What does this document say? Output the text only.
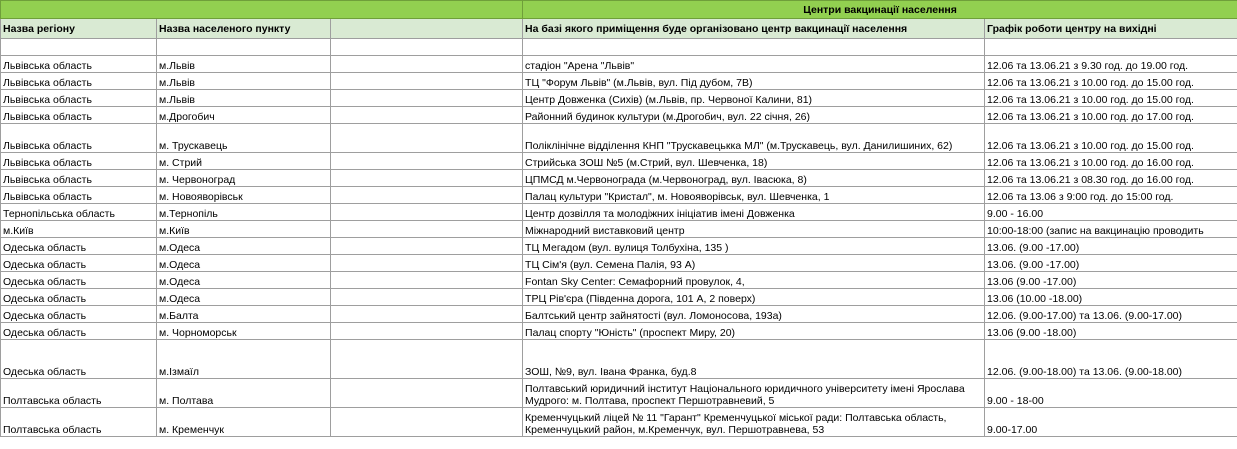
			Центри вакцинації населення	
Назва регіону	Назва населеного пункту		На базі якого приміщення буде організовано центр вакцинації населення	Графік роботи центру на вихідні

Львівська область	м.Львів		стадіон "Арена "Львів"	12.06 та 13.06.21 з 9.30 год. до 19.00 год.
Львівська область	м.Львів		ТЦ "Форум Львів" (м.Львів, вул. Під дубом, 7В)	12.06 та 13.06.21 з 10.00 год. до 15.00 год.
Львівська область	м.Львів		Центр Довженка (Сихів) (м.Львів, пр. Червоної Калини, 81)	12.06 та 13.06.21 з 10.00 год. до 15.00 год.
Львівська область	м.Дрогобич		Районний будинок культури (м.Дрогобич, вул. 22 січня, 26)	12.06 та 13.06.21 з 10.00 год. до 17.00 год.
Львівська область	м. Трускавець		Поліклінічне відділення КНП "Трускавецькка МЛ" (м.Трускавець, вул. Данилишиних, 62)	12.06 та 13.06.21 з 10.00 год. до 15.00 год.
Львівська область	м. Стрий		Стрийська ЗОШ №5 (м.Стрий, вул. Шевченка, 18)	12.06 та 13.06.21 з 10.00 год. до 16.00 год.
Львівська область	м. Червоноград		ЦПМСД м.Червонограда (м.Червоноград, вул. Івасюка, 8)	12.06 та 13.06.21 з 08.30 год. до 16.00 год.
Львівська область	м. Новояворівськ		Палац культури "Кристал", м. Новояворівськ, вул. Шевченка, 1	12.06 та 13.06 з 9:00 год. до 15:00 год.
Тернопільська область	м.Тернопіль		Центр дозвілля та молодіжних ініціатив імені Довженка	9.00 - 16.00
м.Київ	м.Київ		Міжнародний виставковий центр	10:00-18:00 (запис на вакцинацію проводить
Одеська область	м.Одеса		ТЦ Мегадом (вул. вулиця Толбухіна, 135 )	13.06. (9.00 -17.00)
Одеська область	м.Одеса		ТЦ Сім'я (вул. Семена Палія, 93 А)	13.06. (9.00 -17.00)
Одеська область	м.Одеса		Fontan Sky Center: Семафорний провулок, 4,	13.06 (9.00 -17.00)
Одеська область	м.Одеса		ТРЦ Рів'єра (Південна дорога, 101 А, 2 поверх)	13.06 (10.00 -18.00)
Одеська область	м.Балта		Балтський центр зайнятості (вул. Ломоносова, 193а)	12.06. (9.00-17.00) та 13.06. (9.00-17.00)
Одеська область	м. Чорноморськ		Палац спорту "Юність" (проспект Миру, 20)	13.06 (9.00 -18.00)
Одеська область	м.Ізмаїл		ЗОШ, №9, вул. Івана Франка, буд.8	12.06. (9.00-18.00) та 13.06. (9.00-18.00)
Полтавська область	м. Полтава		Полтавський юридичний інститут Національного юридичного університету імені Ярослава Мудрого: м. Полтава, проспект Першотравневий, 5	9.00 - 18-00
Полтавська область	м. Кременчук		Кременчуцький ліцей № 11 "Гарант" Кременчуцької міської ради: Полтавська область, Кременчуцький район, м.Кременчук, вул. Першотравнева, 53	9.00-17.00
